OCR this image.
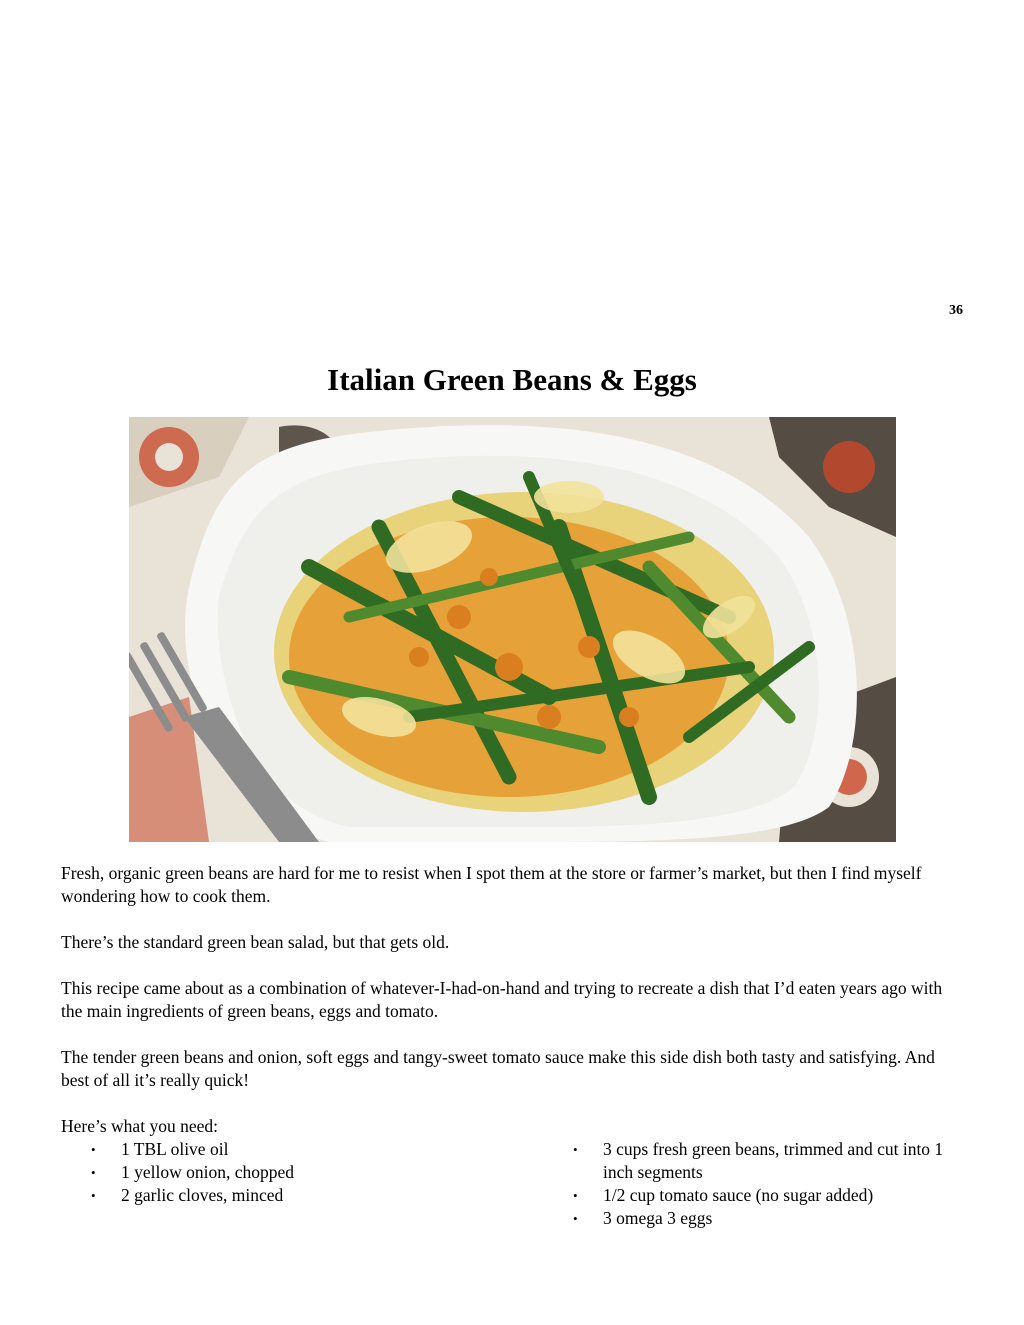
36
Italian Green Beans & Eggs

Fresh, organic green beans are hard for me to resist when I spot them at the store or farmer’s market, but then I find myself wondering how to cook them.

There’s the standard green bean salad, but that gets old.

This recipe came about as a combination of whatever-I-had-on-hand and trying to recreate a dish that I’d eaten years ago with the main ingredients of green beans, eggs and tomato.

The tender green beans and onion, soft eggs and tangy-sweet tomato sauce make this side dish both tasty and satisfying. And best of all it’s really quick!

Here’s what you need:

• 1 TBL olive oil
• 1 yellow onion, chopped
• 2 garlic cloves, minced
• 3 cups fresh green beans, trimmed and cut into 1 inch segments
• 1/2 cup tomato sauce (no sugar added)
• 3 omega 3 eggs
